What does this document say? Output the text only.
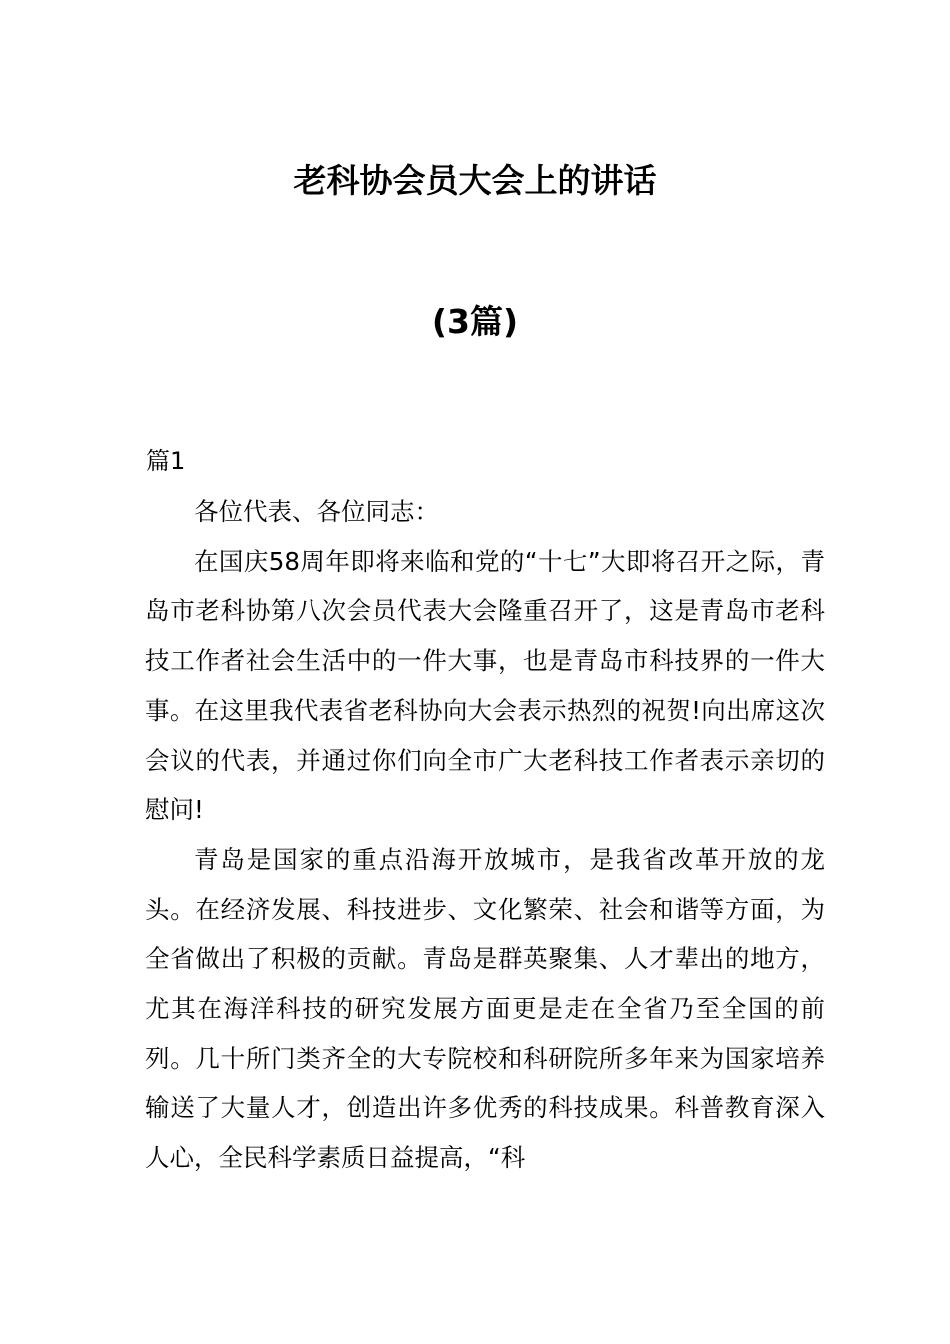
老科协会员大会上的讲话
(3篇)
篇1

各位代表、各位同志：

在国庆58周年即将来临和党的“十七”大即将召开之际，青岛市老科协第八次会员代表大会隆重召开了，这是青岛市老科技工作者社会生活中的一件大事，也是青岛市科技界的一件大事。在这里我代表省老科协向大会表示热烈的祝贺!向出席这次会议的代表，并通过你们向全市广大老科技工作者表示亲切的慰问!

青岛是国家的重点沿海开放城市，是我省改革开放的龙头。在经济发展、科技进步、文化繁荣、社会和谐等方面，为全省做出了积极的贡献。青岛是群英聚集、人才辈出的地方，尤其在海洋科技的研究发展方面更是走在全省乃至全国的前列。几十所门类齐全的大专院校和科研院所多年来为国家培养输送了大量人才，创造出许多优秀的科技成果。科普教育深入人心，全民科学素质日益提高，“科
